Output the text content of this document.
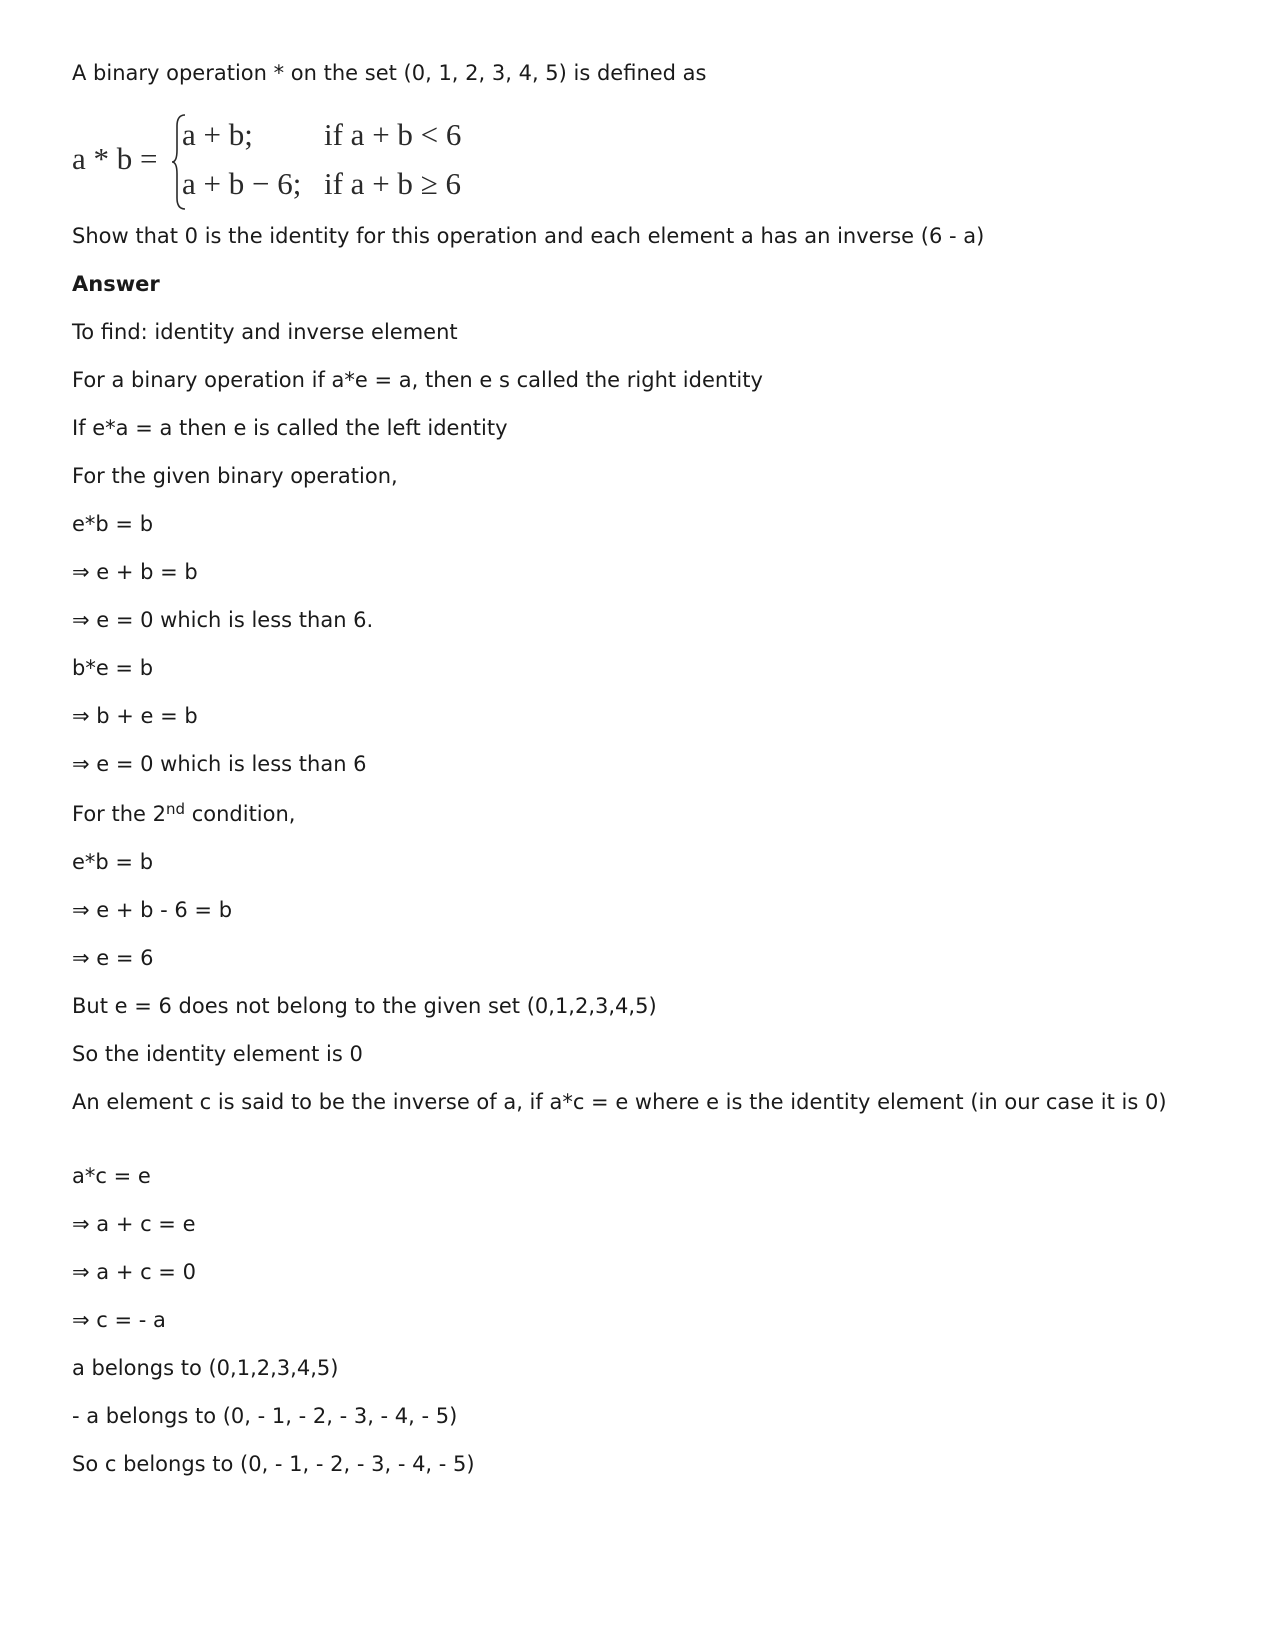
A binary operation * on the set (0, 1, 2, 3, 4, 5) is defined as
a * b =
a + b; if a + b < 6
a + b − 6; if a + b ≥ 6
Show that 0 is the identity for this operation and each element a has an inverse (6 - a)
Answer
To find: identity and inverse element
For a binary operation if a*e = a, then e s called the right identity
If e*a = a then e is called the left identity
For the given binary operation,
e*b = b
⇒ e + b = b
⇒ e = 0 which is less than 6.
b*e = b
⇒ b + e = b
⇒ e = 0 which is less than 6
For the 2nd condition,
e*b = b
⇒ e + b - 6 = b
⇒ e = 6
But e = 6 does not belong to the given set (0,1,2,3,4,5)
So the identity element is 0
An element c is said to be the inverse of a, if a*c = e where e is the identity element (in our case it is 0)
a*c = e
⇒ a + c = e
⇒ a + c = 0
⇒ c = - a
a belongs to (0,1,2,3,4,5)
- a belongs to (0, - 1, - 2, - 3, - 4, - 5)
So c belongs to (0, - 1, - 2, - 3, - 4, - 5)
